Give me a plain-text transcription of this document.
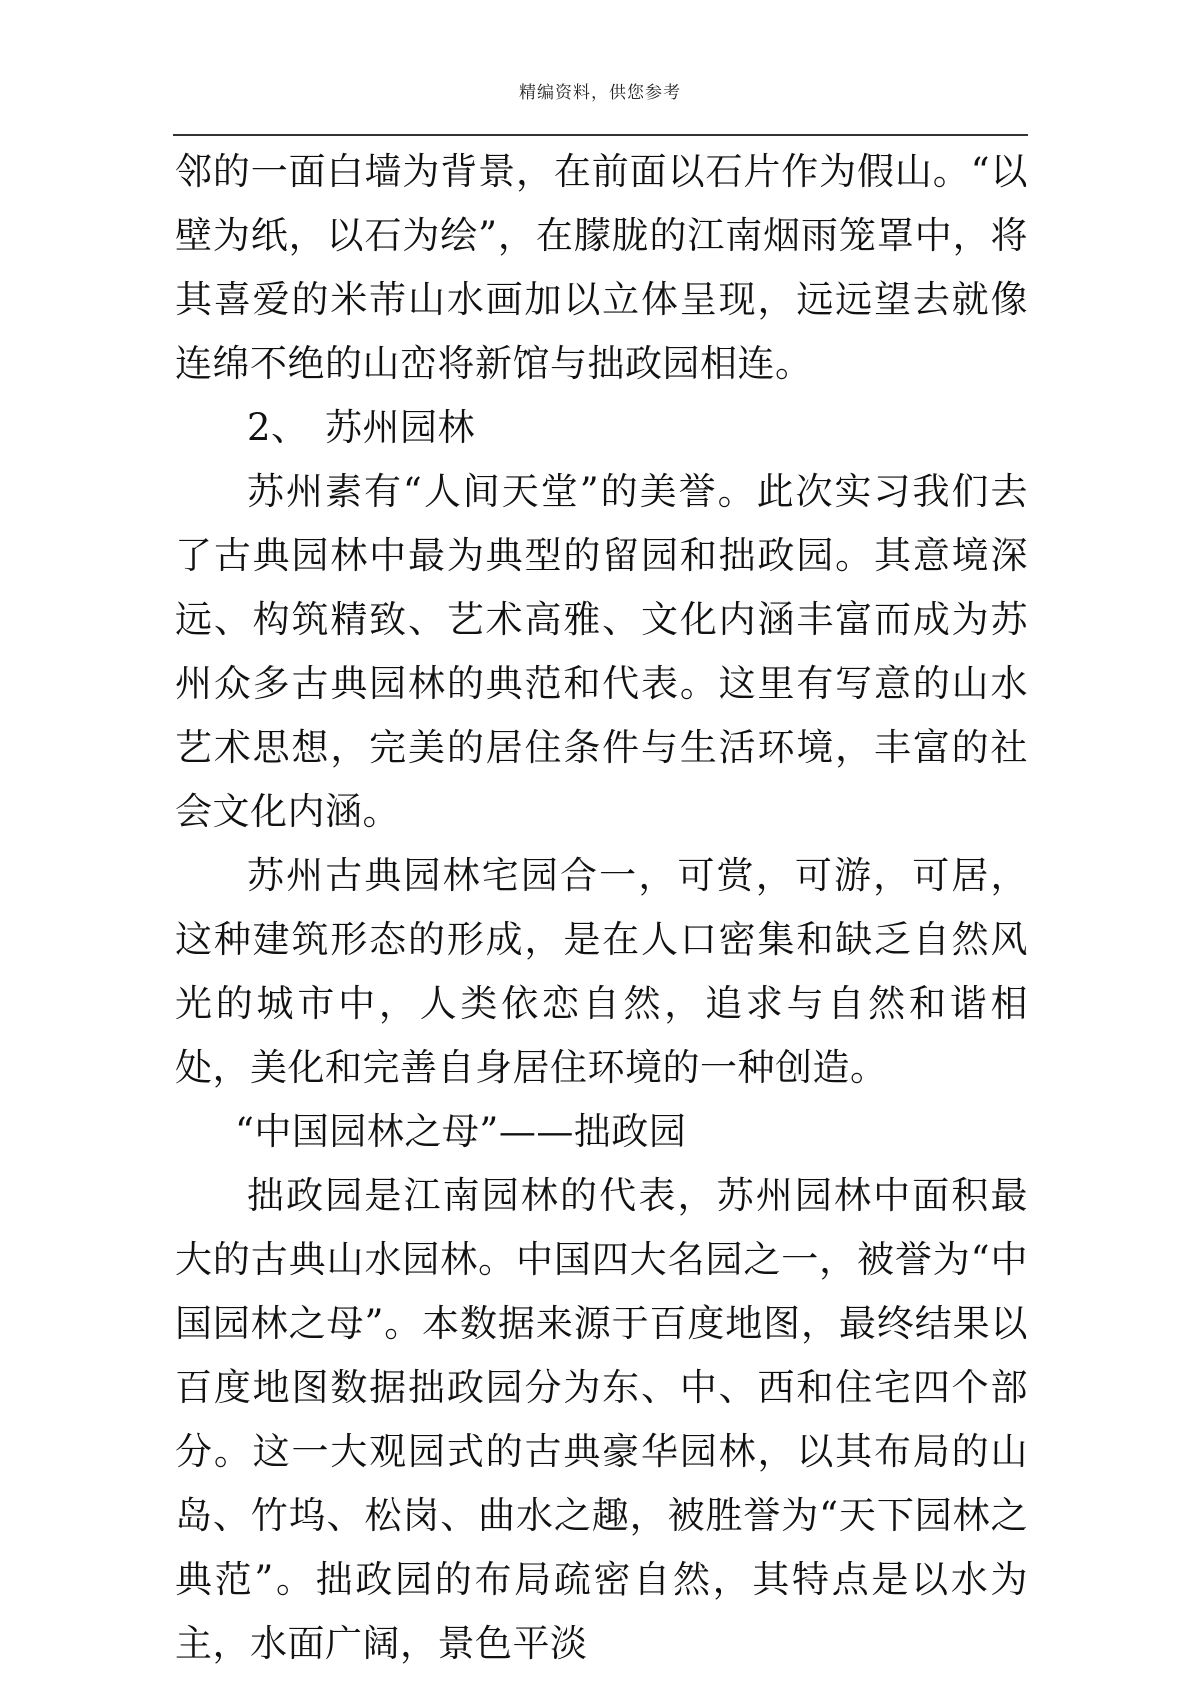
精编资料，供您参考

邻的一面白墙为背景，在前面以石片作为假山。“以壁为纸，以石为绘”，在朦胧的江南烟雨笼罩中，将其喜爱的米芾山水画加以立体呈现，远远望去就像连绵不绝的山峦将新馆与拙政园相连。

2、 苏州园林

苏州素有“人间天堂”的美誉。此次实习我们去了古典园林中最为典型的留园和拙政园。其意境深远、构筑精致、艺术高雅、文化内涵丰富而成为苏州众多古典园林的典范和代表。这里有写意的山水艺术思想，完美的居住条件与生活环境，丰富的社会文化内涵。

苏州古典园林宅园合一，可赏，可游，可居，这种建筑形态的形成，是在人口密集和缺乏自然风光的城市中，人类依恋自然，追求与自然和谐相处，美化和完善自身居住环境的一种创造。

“中国园林之母”——拙政园

拙政园是江南园林的代表，苏州园林中面积最大的古典山水园林。中国四大名园之一，被誉为“中国园林之母”。本数据来源于百度地图，最终结果以百度地图数据拙政园分为东、中、西和住宅四个部分。这一大观园式的古典豪华园林，以其布局的山岛、竹坞、松岗、曲水之趣，被胜誉为“天下园林之典范”。拙政园的布局疏密自然，其特点是以水为主，水面广阔，景色平淡
